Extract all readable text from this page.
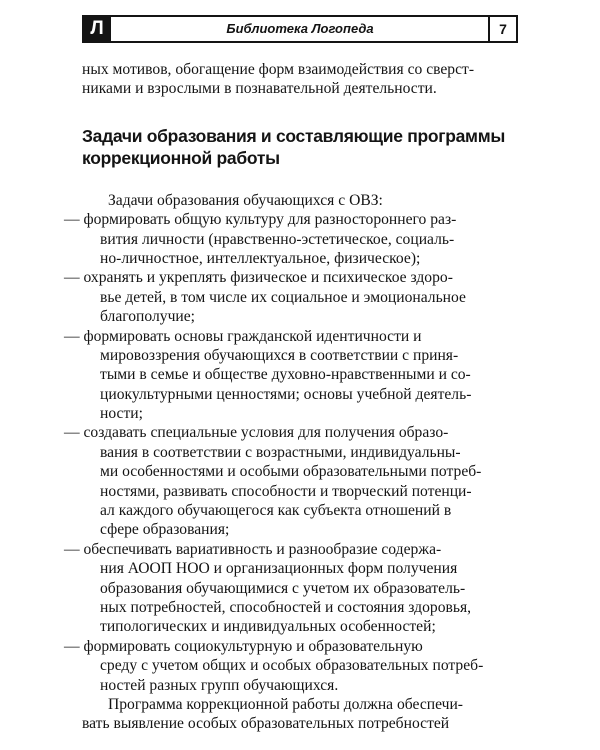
Л	Библиотека Логопеда	7
ных мотивов, обогащение форм взаимодействия со сверст-
никами и взрослыми в познавательной деятельности.
Задачи образования и составляющие программы
коррекционной работы
Задачи образования обучающихся с ОВЗ:
— формировать общую культуру для разностороннего раз-
вития личности (нравственно-эстетическое, социаль-
но-личностное, интеллектуальное, физическое);
— охранять и укреплять физическое и психическое здоро-
вье детей, в том числе их социальное и эмоциональное
благополучие;
— формировать основы гражданской идентичности и
мировоззрения обучающихся в соответствии с приня-
тыми в семье и обществе духовно-нравственными и со-
циокультурными ценностями; основы учебной деятель-
ности;
— создавать специальные условия для получения образо-
вания в соответствии с возрастными, индивидуальны-
ми особенностями и особыми образовательными потреб-
ностями, развивать способности и творческий потенци-
ал каждого обучающегося как субъекта отношений в
сфере образования;
— обеспечивать вариативность и разнообразие содержа-
ния АООП НОО и организационных форм получения
образования обучающимися с учетом их образователь-
ных потребностей, способностей и состояния здоровья,
типологических и индивидуальных особенностей;
— формировать социокультурную и образовательную
среду с учетом общих и особых образовательных потреб-
ностей разных групп обучающихся.
Программа коррекционной работы должна обеспечи-
вать выявление особых образовательных потребностей
